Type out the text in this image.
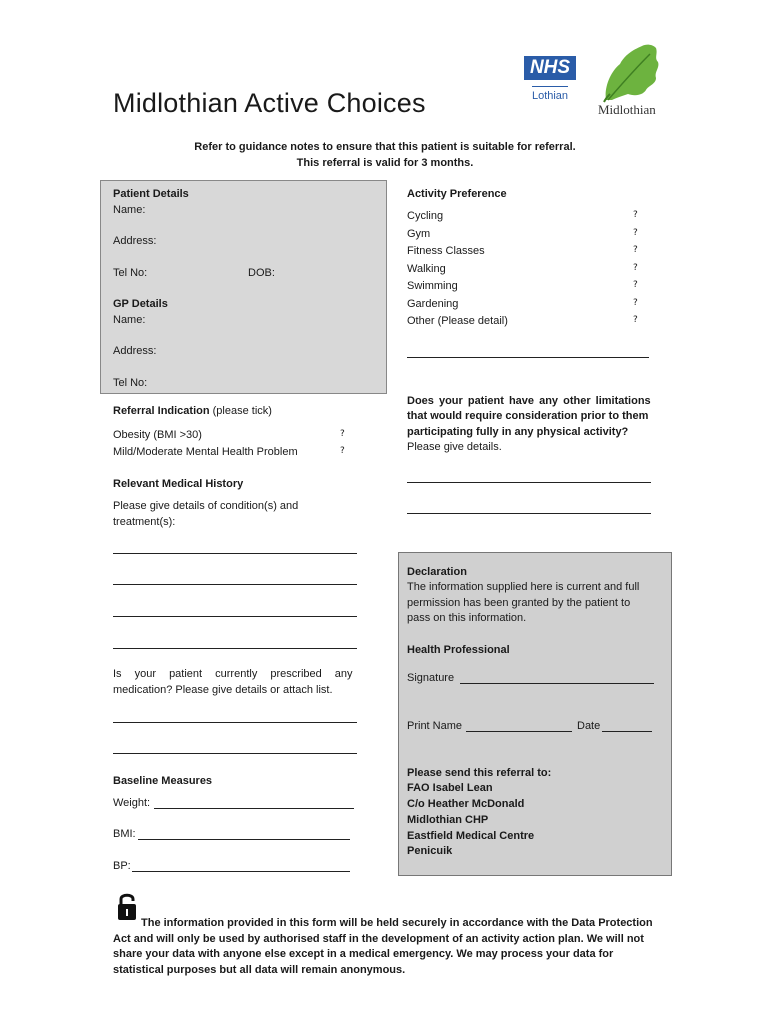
Midlothian Active Choices
NHS
Lothian
Midlothian
Refer to guidance notes to ensure that this patient is suitable for referral.
This referral is valid for 3 months.
Patient Details
Name:
Address:
Tel No:	DOB:
GP Details
Name:
Address:
Tel No:
Referral Indication (please tick)
Obesity (BMI >30)	?
Mild/Moderate Mental Health Problem	?
Relevant Medical History
Please give details of condition(s) and
treatment(s):
Is your patient currently prescribed any
medication? Please give details or attach list.
Baseline Measures
Weight:
BMI:
BP:
Activity Preference
Cycling	?
Gym	?
Fitness Classes	?
Walking	?
Swimming	?
Gardening	?
Other (Please detail)	?
Does your patient have any other limitations
that would require consideration prior to them
participating fully in any physical activity?
Please give details.
Declaration
The information supplied here is current and full
permission has been granted by the patient to
pass on this information.
Health Professional
Signature
Print Name	Date
Please send this referral to:
FAO Isabel Lean
C/o Heather McDonald
Midlothian CHP
Eastfield Medical Centre
Penicuik
The information provided in this form will be held securely in accordance with the Data Protection
Act and will only be used by authorised staff in the development of an activity action plan. We will not
share your data with anyone else except in a medical emergency. We may process your data for
statistical purposes but all data will remain anonymous.
